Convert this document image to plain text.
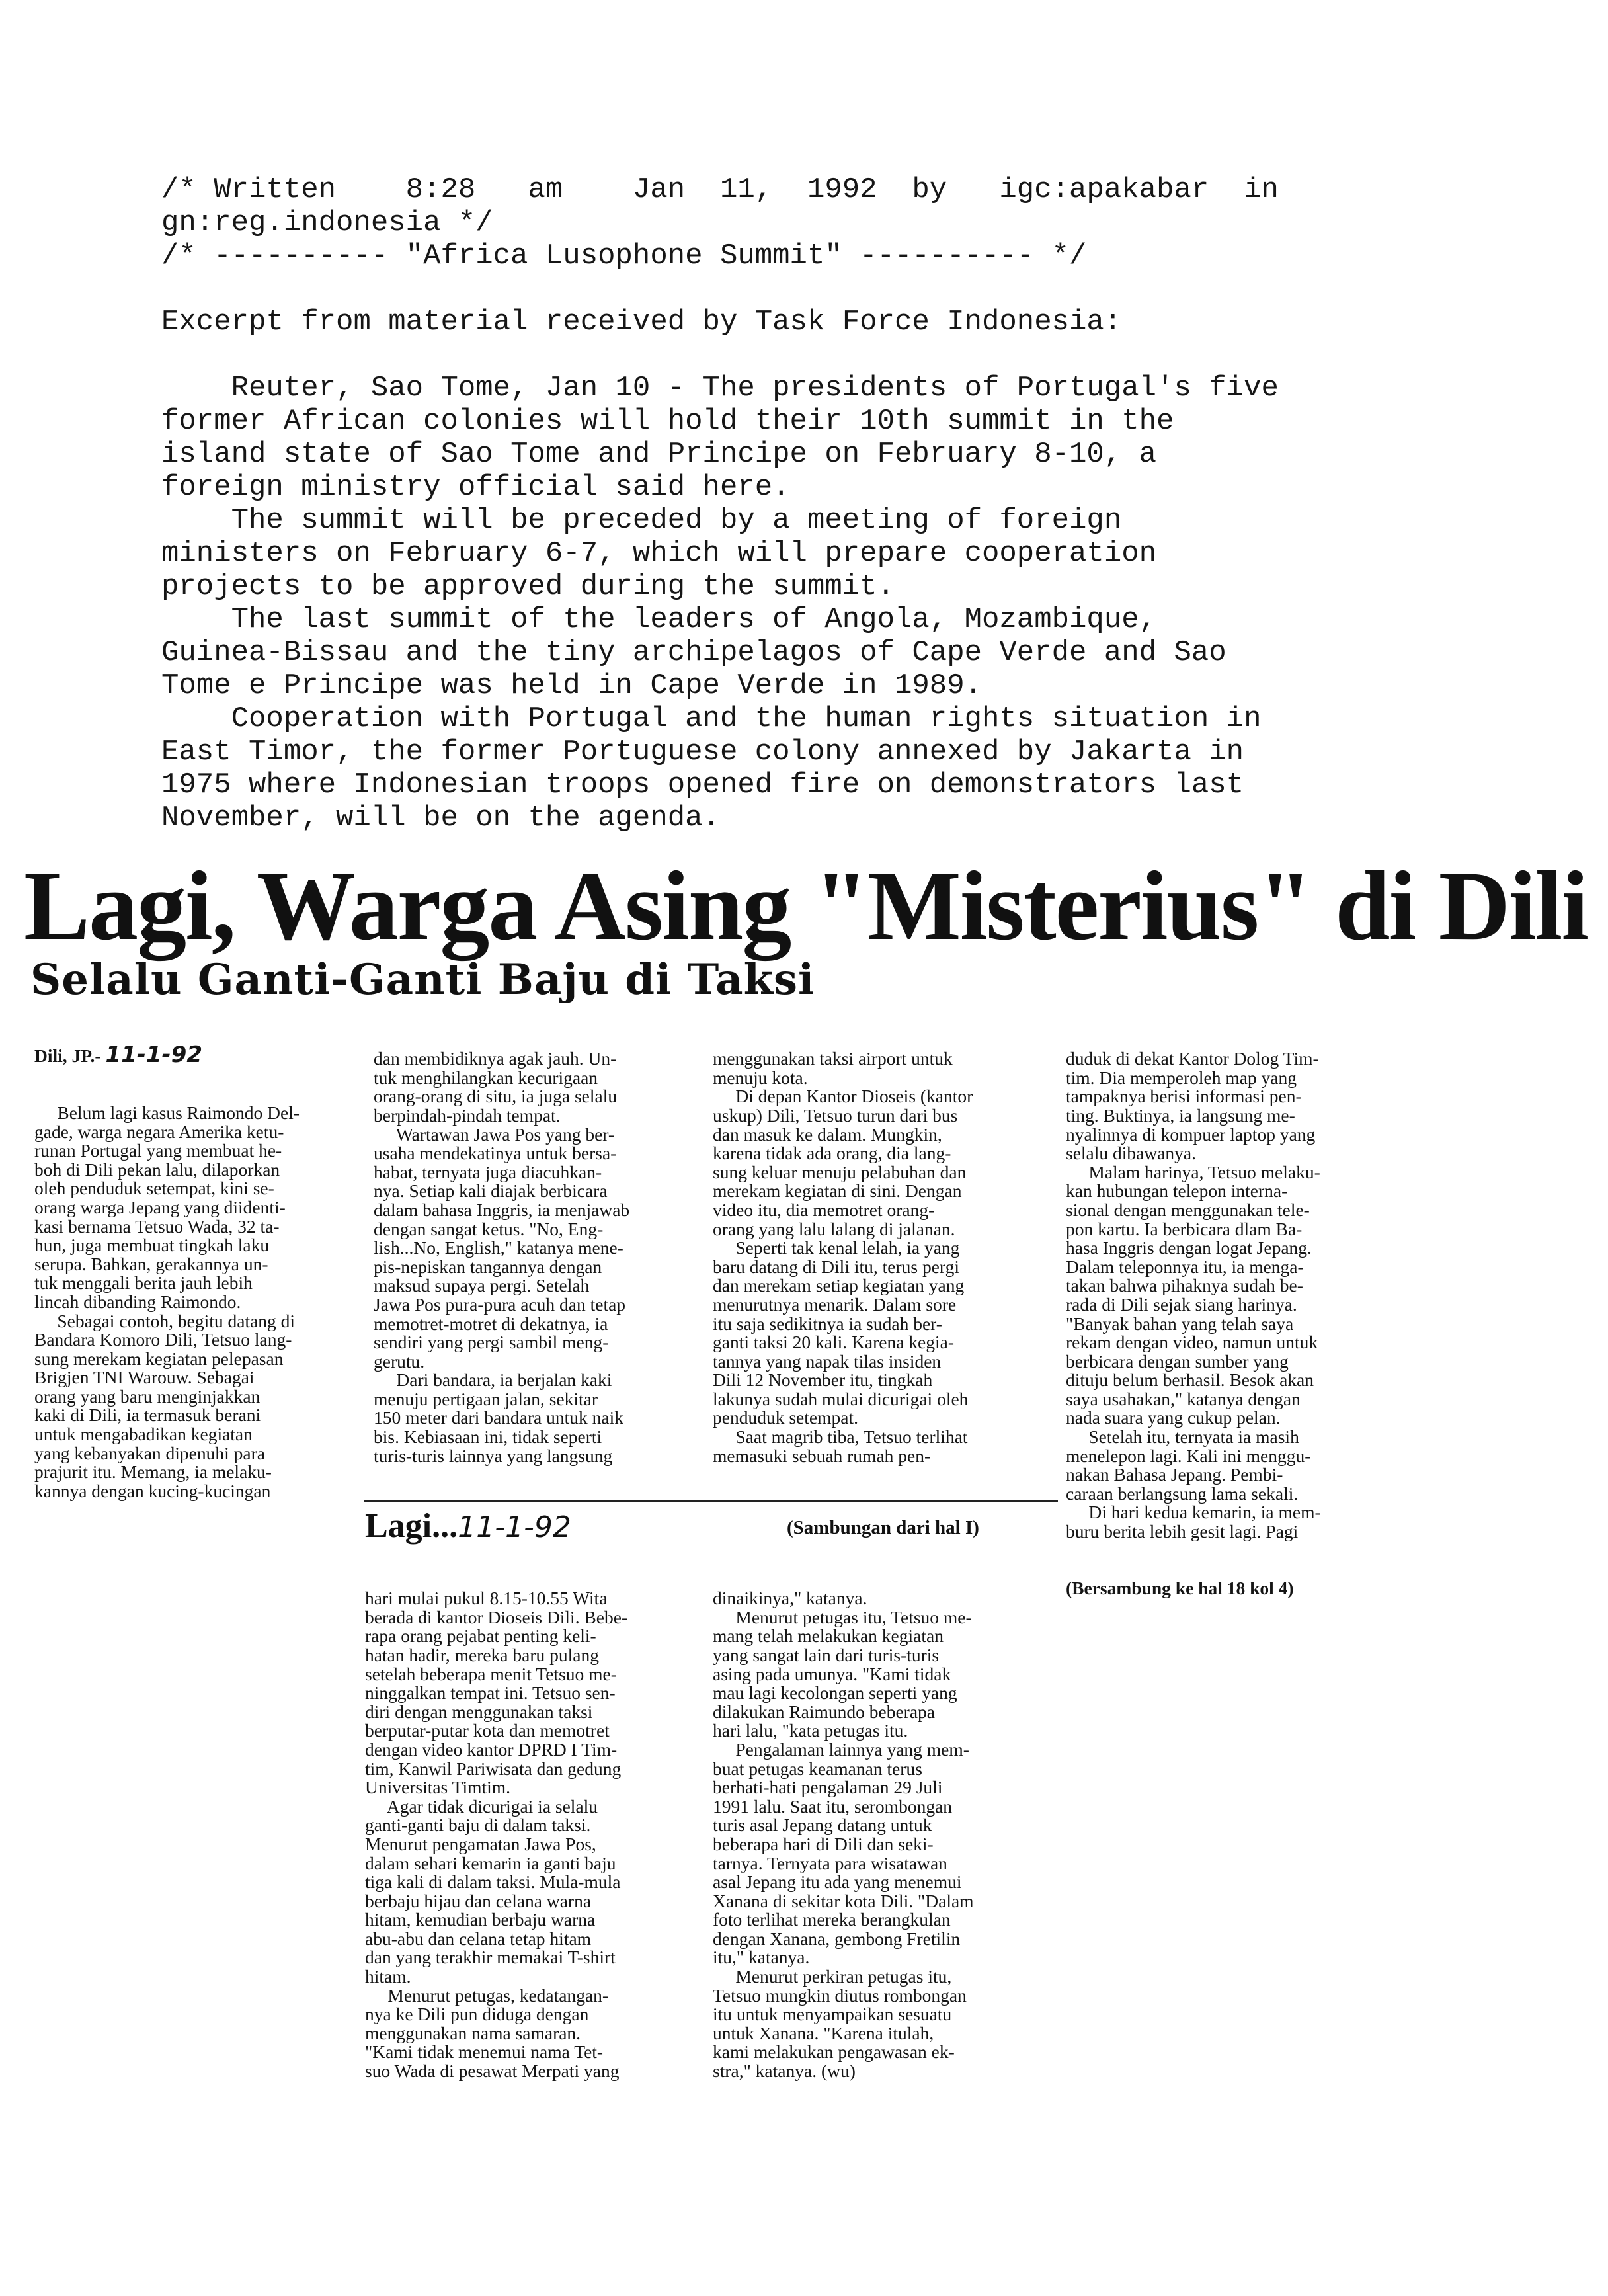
/* Written    8:28   am    Jan  11,  1992  by   igc:apakabar  in
gn:reg.indonesia */
/* ---------- "Africa Lusophone Summit" ---------- */
Excerpt from material received by Task Force Indonesia:
Reuter, Sao Tome, Jan 10 - The presidents of Portugal's five
former African colonies will hold their 10th summit in the
island state of Sao Tome and Principe on February 8-10, a
foreign ministry official said here.
The summit will be preceded by a meeting of foreign
ministers on February 6-7, which will prepare cooperation
projects to be approved during the summit.
The last summit of the leaders of Angola, Mozambique,
Guinea-Bissau and the tiny archipelagos of Cape Verde and Sao
Tome e Principe was held in Cape Verde in 1989.
Cooperation with Portugal and the human rights situation in
East Timor, the former Portuguese colony annexed by Jakarta in
1975 where Indonesian troops opened fire on demonstrators last
November, will be on the agenda.
Lagi, Warga Asing "Misterius" di Dili
Selalu Ganti-Ganti Baju di Taksi

Dili, JP.- 11-1-92

Belum lagi kasus Raimondo Del-

gade, warga negara Amerika ketu-

runan Portugal yang membuat he-

boh di Dili pekan lalu, dilaporkan

oleh penduduk setempat, kini se-

orang warga Jepang yang diidenti-

kasi bernama Tetsuo Wada, 32 ta-

hun, juga membuat tingkah laku

serupa. Bahkan, gerakannya un-

tuk menggali berita jauh lebih

lincah dibanding Raimondo.

Sebagai contoh, begitu datang di

Bandara Komoro Dili, Tetsuo lang-

sung merekam kegiatan pelepasan

Brigjen TNI Warouw. Sebagai

orang yang baru menginjakkan

kaki di Dili, ia termasuk berani

untuk mengabadikan kegiatan

yang kebanyakan dipenuhi para

prajurit itu. Memang, ia melaku-

kannya dengan kucing-kucingan

dan membidiknya agak jauh. Un-

tuk menghilangkan kecurigaan

orang-orang di situ, ia juga selalu

berpindah-pindah tempat.

Wartawan Jawa Pos yang ber-

usaha mendekatinya untuk bersa-

habat, ternyata juga diacuhkan-

nya. Setiap kali diajak berbicara

dalam bahasa Inggris, ia menjawab

dengan sangat ketus. "No, Eng-

lish...No, English," katanya mene-

pis-nepiskan tangannya dengan

maksud supaya pergi. Setelah

Jawa Pos pura-pura acuh dan tetap

memotret-motret di dekatnya, ia

sendiri yang pergi sambil meng-

gerutu.

Dari bandara, ia berjalan kaki

menuju pertigaan jalan, sekitar

150 meter dari bandara untuk naik

bis. Kebiasaan ini, tidak seperti

turis-turis lainnya yang langsung

menggunakan taksi airport untuk

menuju kota.

Di depan Kantor Dioseis (kantor

uskup) Dili, Tetsuo turun dari bus

dan masuk ke dalam. Mungkin,

karena tidak ada orang, dia lang-

sung keluar menuju pelabuhan dan

merekam kegiatan di sini. Dengan

video itu, dia memotret orang-

orang yang lalu lalang di jalanan.

Seperti tak kenal lelah, ia yang

baru datang di Dili itu, terus pergi

dan merekam setiap kegiatan yang

menurutnya menarik. Dalam sore

itu saja sedikitnya ia sudah ber-

ganti taksi 20 kali. Karena kegia-

tannya yang napak tilas insiden

Dili 12 November itu, tingkah

lakunya sudah mulai dicurigai oleh

penduduk setempat.

Saat magrib tiba, Tetsuo terlihat

memasuki sebuah rumah pen-

duduk di dekat Kantor Dolog Tim-

tim. Dia memperoleh map yang

tampaknya berisi informasi pen-

ting. Buktinya, ia langsung me-

nyalinnya di kompuer laptop yang

selalu dibawanya.

Malam harinya, Tetsuo melaku-

kan hubungan telepon interna-

sional dengan menggunakan tele-

pon kartu. Ia berbicara dlam Ba-

hasa Inggris dengan logat Jepang.

Dalam teleponnya itu, ia menga-

takan bahwa pihaknya sudah be-

rada di Dili sejak siang harinya.

"Banyak bahan yang telah saya

rekam dengan video, namun untuk

berbicara dengan sumber yang

dituju belum berhasil. Besok akan

saya usahakan," katanya dengan

nada suara yang cukup pelan.

Setelah itu, ternyata ia masih

menelepon lagi. Kali ini menggu-

nakan Bahasa Jepang. Pembi-

caraan berlangsung lama sekali.

Di hari kedua kemarin, ia mem-

buru berita lebih gesit lagi. Pagi

(Bersambung ke hal 18 kol 4)

Lagi...11-1-92	(Sambungan dari hal I)

hari mulai pukul 8.15-10.55 Wita

berada di kantor Dioseis Dili. Bebe-

rapa orang pejabat penting keli-

hatan hadir, mereka baru pulang

setelah beberapa menit Tetsuo me-

ninggalkan tempat ini. Tetsuo sen-

diri dengan menggunakan taksi

berputar-putar kota dan memotret

dengan video kantor DPRD I Tim-

tim, Kanwil Pariwisata dan gedung

Universitas Timtim.

Agar tidak dicurigai ia selalu

ganti-ganti baju di dalam taksi.

Menurut pengamatan Jawa Pos,

dalam sehari kemarin ia ganti baju

tiga kali di dalam taksi. Mula-mula

berbaju hijau dan celana warna

hitam, kemudian berbaju warna

abu-abu dan celana tetap hitam

dan yang terakhir memakai T-shirt

hitam.

Menurut petugas, kedatangan-

nya ke Dili pun diduga dengan

menggunakan nama samaran.

"Kami tidak menemui nama Tet-

suo Wada di pesawat Merpati yang

dinaikinya," katanya.

Menurut petugas itu, Tetsuo me-

mang telah melakukan kegiatan

yang sangat lain dari turis-turis

asing pada umunya. "Kami tidak

mau lagi kecolongan seperti yang

dilakukan Raimundo beberapa

hari lalu, "kata petugas itu.

Pengalaman lainnya yang mem-

buat petugas keamanan terus

berhati-hati pengalaman 29 Juli

1991 lalu. Saat itu, serombongan

turis asal Jepang datang untuk

beberapa hari di Dili dan seki-

tarnya. Ternyata para wisatawan

asal Jepang itu ada yang menemui

Xanana di sekitar kota Dili. "Dalam

foto terlihat mereka berangkulan

dengan Xanana, gembong Fretilin

itu," katanya.

Menurut perkiran petugas itu,

Tetsuo mungkin diutus rombongan

itu untuk menyampaikan sesuatu

untuk Xanana. "Karena itulah,

kami melakukan pengawasan ek-

stra," katanya. (wu)
